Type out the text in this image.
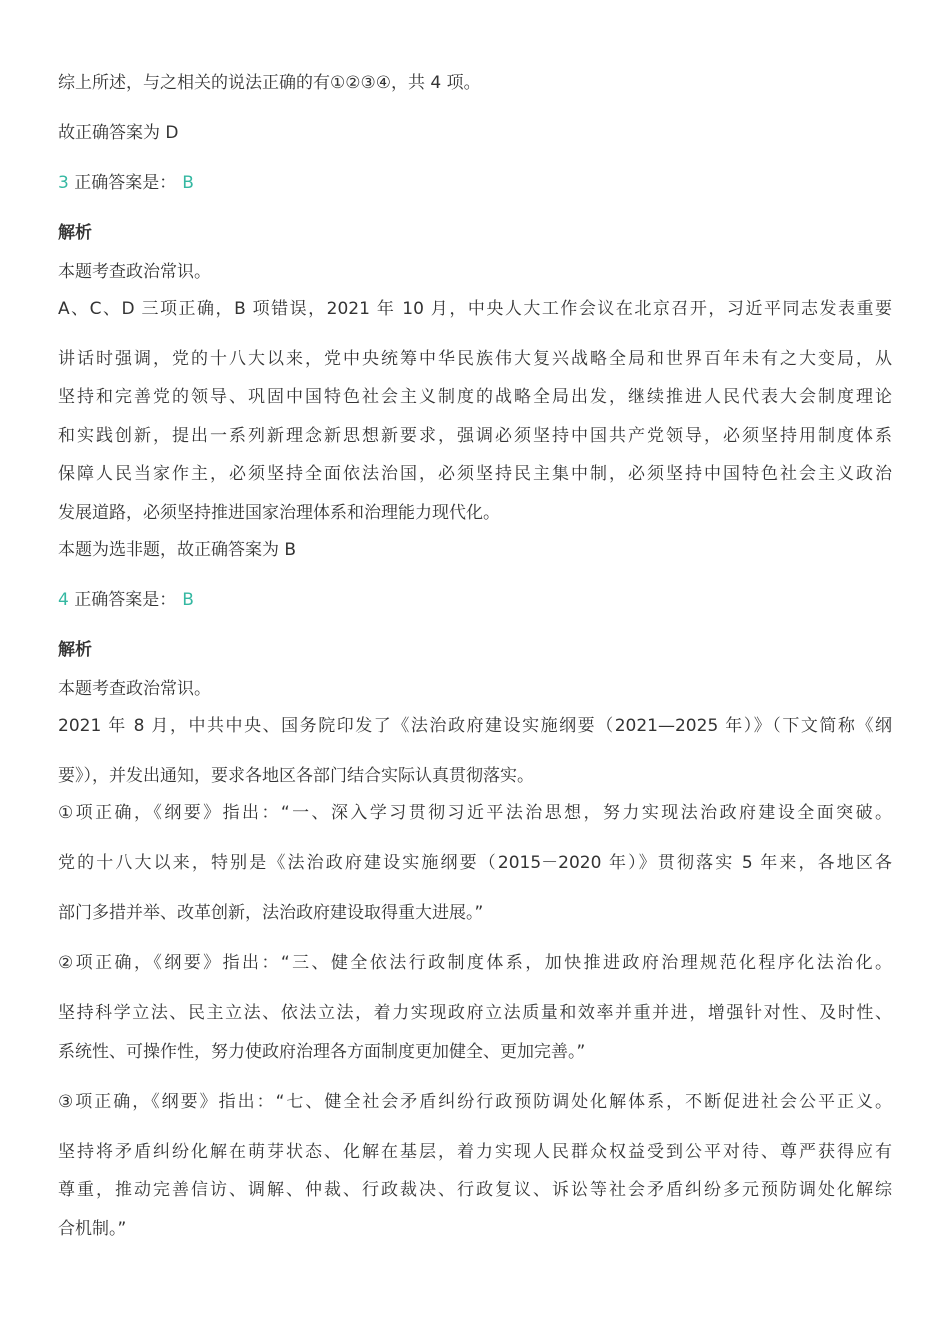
综上所述，与之相关的说法正确的有①②③④，共 4 项。
故正确答案为 D
3 正确答案是： B
解析
本题考查政治常识。
A、C、D 三项正确，B 项错误，2021 年 10 月，中央人大工作会议在北京召开，习近平同志发表重要
讲话时强调，党的十八大以来，党中央统筹中华民族伟大复兴战略全局和世界百年未有之大变局，从
坚持和完善党的领导、巩固中国特色社会主义制度的战略全局出发，继续推进人民代表大会制度理论
和实践创新，提出一系列新理念新思想新要求，强调必须坚持中国共产党领导，必须坚持用制度体系
保障人民当家作主，必须坚持全面依法治国，必须坚持民主集中制，必须坚持中国特色社会主义政治
发展道路，必须坚持推进国家治理体系和治理能力现代化。
本题为选非题，故正确答案为 B
4 正确答案是： B
解析
本题考查政治常识。
2021 年 8 月，中共中央、国务院印发了《法治政府建设实施纲要（2021—2025 年）》（下文简称《纲
要》），并发出通知，要求各地区各部门结合实际认真贯彻落实。
①项正确，《纲要》指出：“一、深入学习贯彻习近平法治思想，努力实现法治政府建设全面突破。
党的十八大以来，特别是《法治政府建设实施纲要（2015－2020 年）》贯彻落实 5 年来，各地区各
部门多措并举、改革创新，法治政府建设取得重大进展。”
②项正确，《纲要》指出：“三、健全依法行政制度体系，加快推进政府治理规范化程序化法治化。
坚持科学立法、民主立法、依法立法，着力实现政府立法质量和效率并重并进，增强针对性、及时性、
系统性、可操作性，努力使政府治理各方面制度更加健全、更加完善。”
③项正确，《纲要》指出：“七、健全社会矛盾纠纷行政预防调处化解体系，不断促进社会公平正义。
坚持将矛盾纠纷化解在萌芽状态、化解在基层，着力实现人民群众权益受到公平对待、尊严获得应有
尊重，推动完善信访、调解、仲裁、行政裁决、行政复议、诉讼等社会矛盾纠纷多元预防调处化解综
合机制。”
